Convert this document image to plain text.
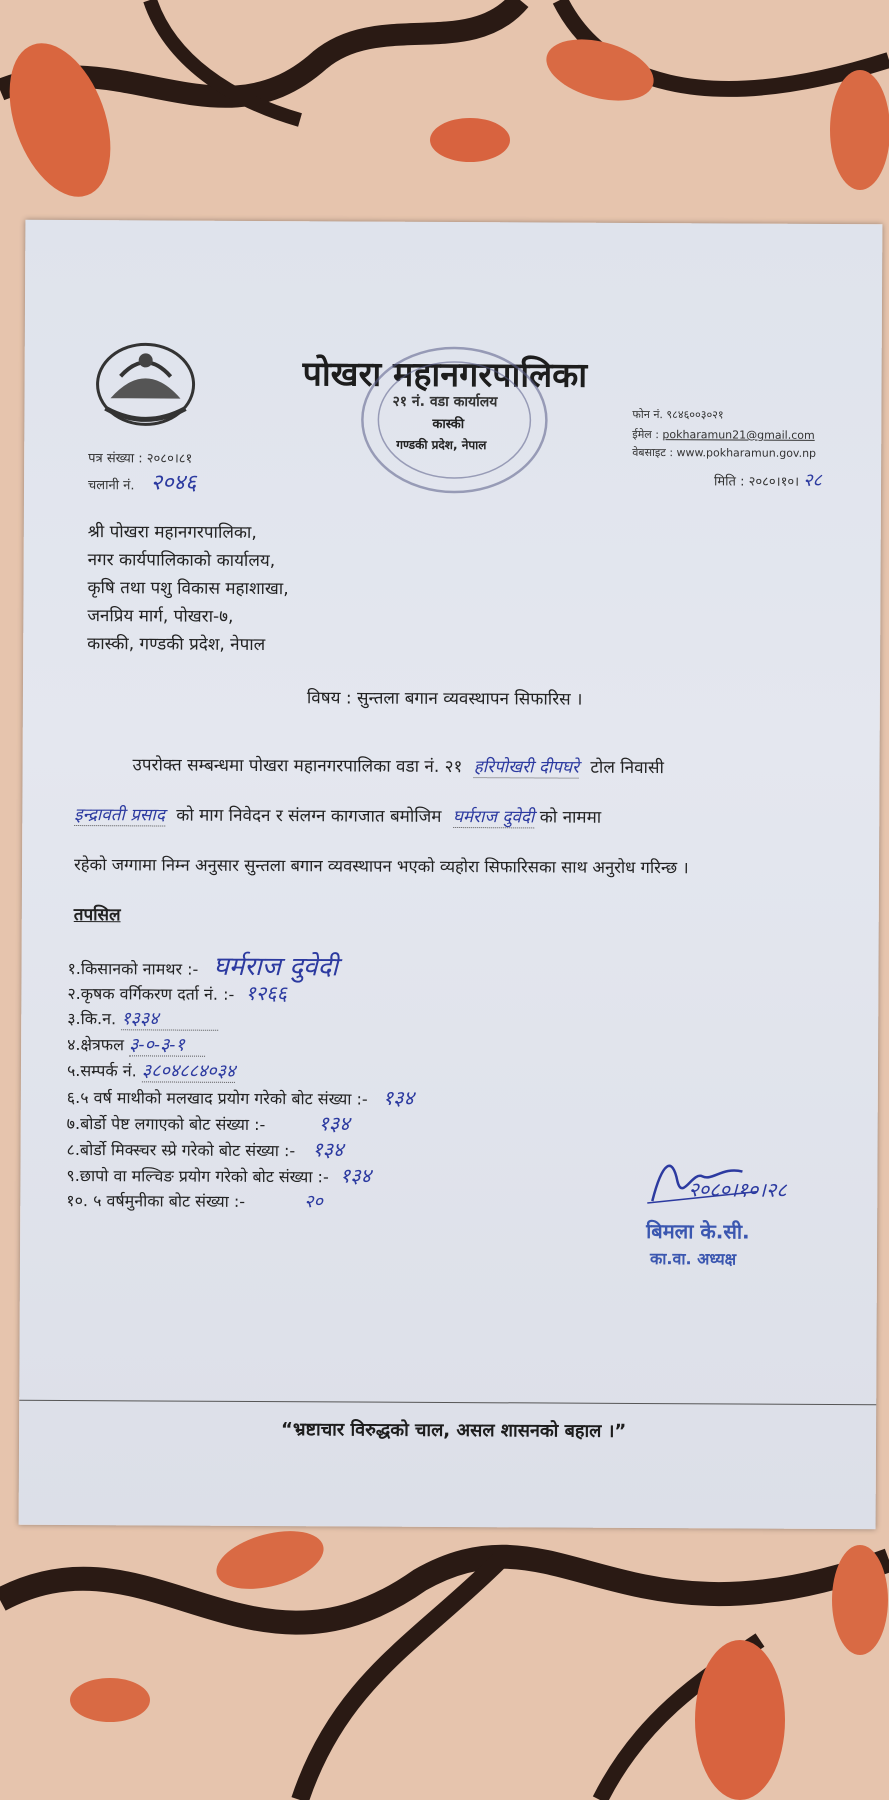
पोखरा महानगरपालिका
२१ नं. वडा कार्यालय
कास्की
गण्डकी प्रदेश, नेपाल
फोन नं. ९८४६००३०२१
ईमेल : pokharamun21@gmail.com
वेबसाइट : www.pokharamun.gov.np
पत्र संख्या : २०८०।८१
चलानी नं. २०४६	मिति : २०८०।१०। २८
श्री पोखरा महानगरपालिका,
नगर कार्यपालिकाको कार्यालय,
कृषि तथा पशु विकास महाशाखा,
जनप्रिय मार्ग, पोखरा-७,
कास्की, गण्डकी प्रदेश, नेपाल
विषय : सुन्तला बगान व्यवस्थापन सिफारिस ।
उपरोक्त सम्बन्धमा पोखरा महानगरपालिका वडा नं. २१ हरिपोखरी दीपघरे टोल निवासी
इन्द्रावती प्रसाद को माग निवेदन र संलग्न कागजात बमोजिम घर्मराज दुवेदी को नाममा
रहेको जग्गामा निम्न अनुसार सुन्तला बगान व्यवस्थापन भएको व्यहोरा सिफारिसका साथ अनुरोध गरिन्छ ।
तपसिल
१.किसानको नामथर :- घर्मराज दुवेदी
२.कृषक वर्गिकरण दर्ता नं. :- १२६६
३.कि.न. १३३४
४.क्षेत्रफल ३-०-३-१
५.सम्पर्क नं. ३८०४८८४०३४
६.५ वर्ष माथीको मलखाद प्रयोग गरेको बोट संख्या :- १३४
७.बोर्डो पेष्ट लगाएको बोट संख्या :-	१३४
८.बोर्डो मिक्स्चर स्प्रे गरेको बोट संख्या :- १३४
९.छापो वा मल्चिङ प्रयोग गरेको बोट संख्या :- १३४
१०. ५ वर्षमुनीका बोट संख्या :-	२०
२०८०।१०।२८
बिमला के.सी.
का.वा. अध्यक्ष
“भ्रष्टाचार विरुद्धको चाल, असल शासनको बहाल ।”
